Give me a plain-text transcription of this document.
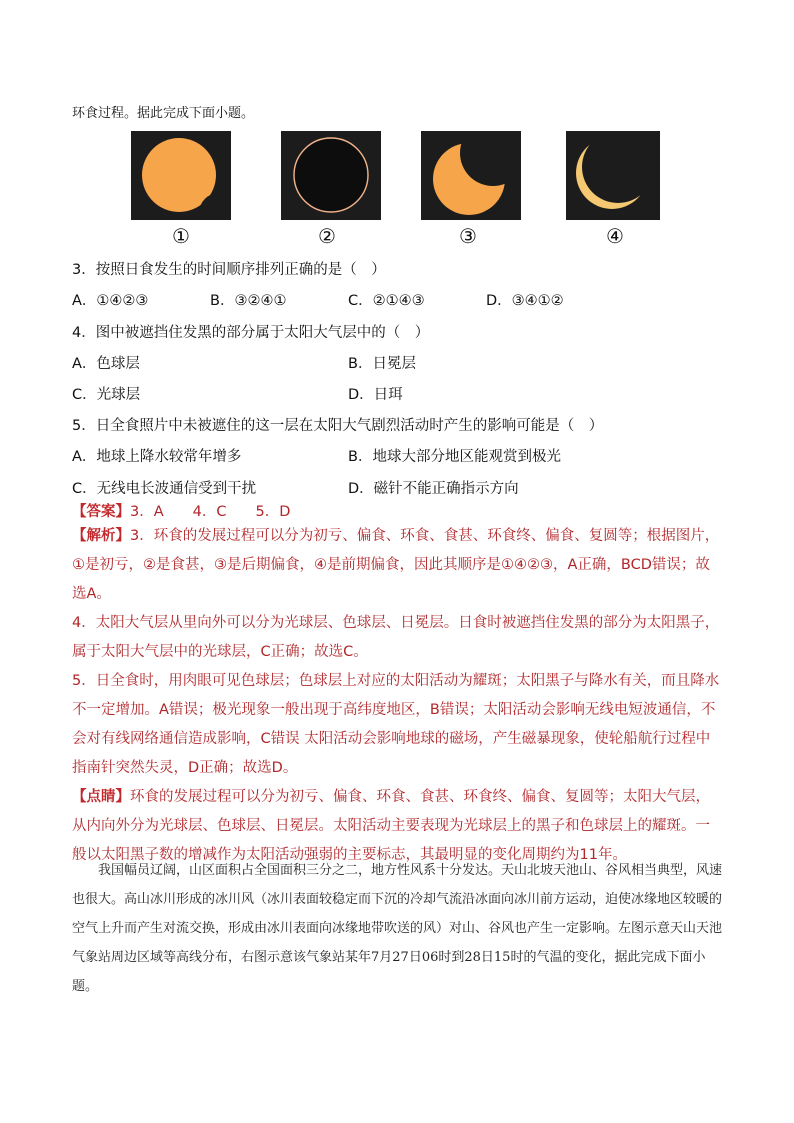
环食过程。据此完成下面小题。
①	②	③	④
3．按照日食发生的时间顺序排列正确的是（　）
A．①④②③	B．③②④①	C．②①④③	D．③④①②
4．图中被遮挡住发黑的部分属于太阳大气层中的（　）
A．色球层	B．日冕层
C．光球层	D．日珥
5．日全食照片中未被遮住的这一层在太阳大气剧烈活动时产生的影响可能是（　）
A．地球上降水较常年增多	B．地球大部分地区能观赏到极光
C．无线电长波通信受到干扰	D．磁针不能正确指示方向
【答案】3．A　　4．C　　5．D
【解析】3．环食的发展过程可以分为初亏、偏食、环食、食甚、环食终、偏食、复圆等；根据图片，①是初亏，②是食甚，③是后期偏食，④是前期偏食，因此其顺序是①④②③，A正确，BCD错误；故选A。
4．太阳大气层从里向外可以分为光球层、色球层、日冕层。日食时被遮挡住发黑的部分为太阳黑子，属于太阳大气层中的光球层，C正确；故选C。
5．日全食时，用肉眼可见色球层；色球层上对应的太阳活动为耀斑；太阳黑子与降水有关，而且降水不一定增加。A错误；极光现象一般出现于高纬度地区，B错误；太阳活动会影响无线电短波通信，不会对有线网络通信造成影响，C错误 太阳活动会影响地球的磁场，产生磁暴现象，使轮船航行过程中指南针突然失灵，D正确；故选D。
【点睛】环食的发展过程可以分为初亏、偏食、环食、食甚、环食终、偏食、复圆等；太阳大气层，从内向外分为光球层、色球层、日冕层。太阳活动主要表现为光球层上的黑子和色球层上的耀斑。一般以太阳黑子数的增减作为太阳活动强弱的主要标志，其最明显的变化周期约为11年。
我国幅员辽阔，山区面积占全国面积三分之二，地方性风系十分发达。天山北坡天池山、谷风相当典型，风速也很大。高山冰川形成的冰川风（冰川表面较稳定而下沉的冷却气流沿冰面向冰川前方运动，迫使冰缘地区较暖的空气上升而产生对流交换，形成由冰川表面向冰缘地带吹送的风）对山、谷风也产生一定影响。左图示意天山天池气象站周边区域等高线分布，右图示意该气象站某年7月27日06时到28日15时的气温的变化，据此完成下面小题。
